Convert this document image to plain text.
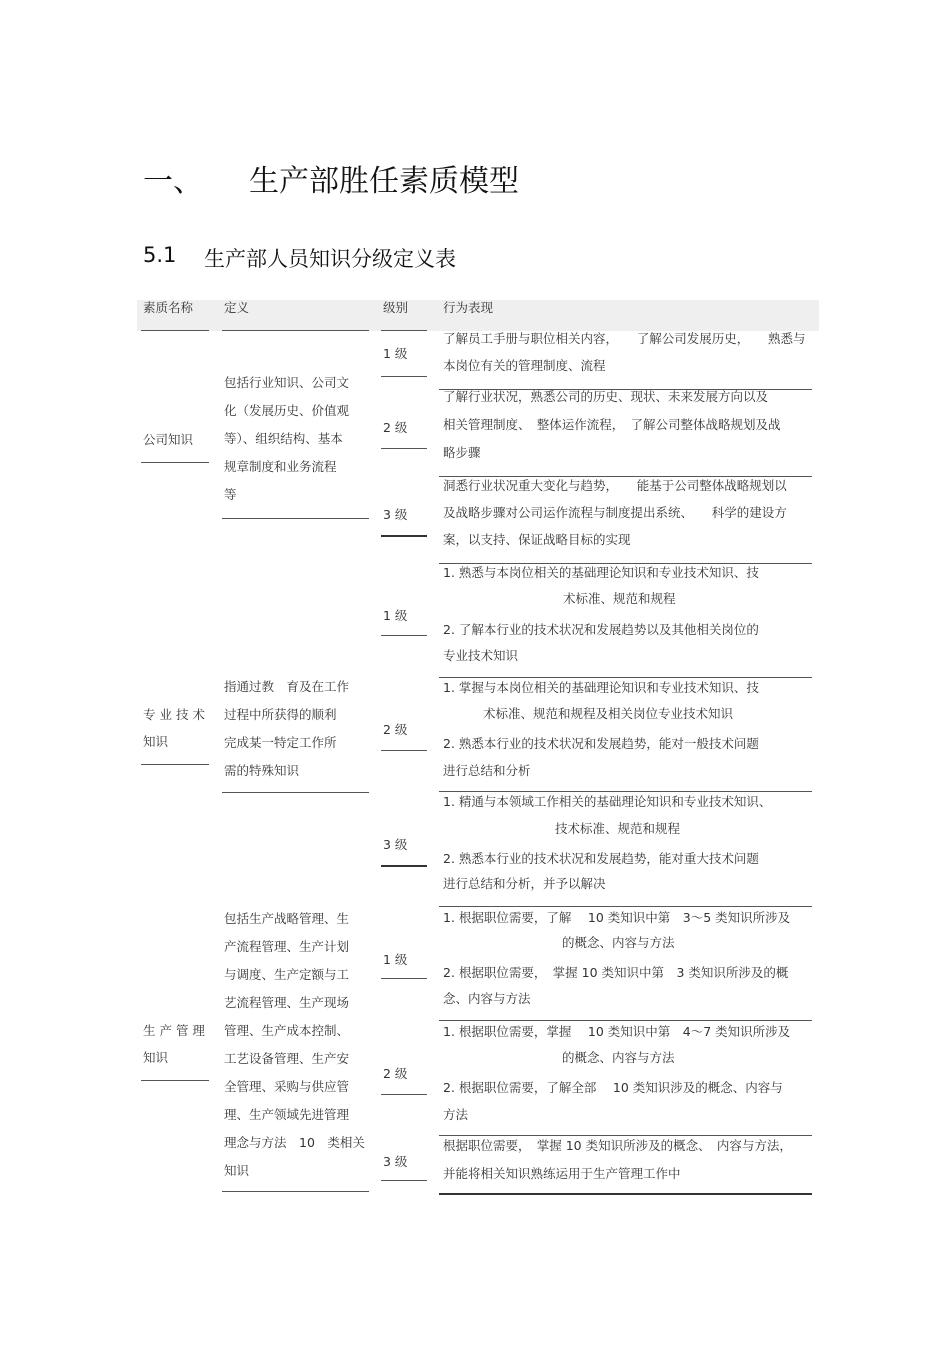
一、 生产部胜任素质模型
5.1 生产部人员知识分级定义表
素质名称 定义	级别	行为表现
公司知识
包括行业知识、公司文
化（发展历史、价值观
等）、组织结构、基本
规章制度和业务流程
等
1 级
了解员工手册与职位相关内容，　　了解公司发展历史，　　熟悉与
本岗位有关的管理制度、流程
2 级
了解行业状况，熟悉公司的历史、现状、未来发展方向以及
相关管理制度、　整体运作流程，　了解公司整体战略规划及战
略步骤
3 级
洞悉行业状况重大变化与趋势，　　能基于公司整体战略规划以
及战略步骤对公司运作流程与制度提出系统、　　科学的建设方
案，以支持、保证战略目标的实现
专 业 技 术
知识
指通过教　育及在工作
过程中所获得的顺利
完成某一特定工作所
需的特殊知识
1 级
1. 熟悉与本岗位相关的基础理论知识和专业技术知识、技
术标准、规范和规程
2. 了解本行业的技术状况和发展趋势以及其他相关岗位的
专业技术知识
2 级
1. 掌握与本岗位相关的基础理论知识和专业技术知识、技
术标准、规范和规程及相关岗位专业技术知识
2. 熟悉本行业的技术状况和发展趋势，能对一般技术问题
进行总结和分析
3 级
1. 精通与本领域工作相关的基础理论知识和专业技术知识、
技术标准、规范和规程
2. 熟悉本行业的技术状况和发展趋势，能对重大技术问题
进行总结和分析，并予以解决
生 产 管 理
知识
包括生产战略管理、生
产流程管理、生产计划
与调度、生产定额与工
艺流程管理、生产现场
管理、生产成本控制、
工艺设备管理、生产安
全管理、采购与供应管
理、生产领域先进管理
理念与方法　10　类相关
知识
1 级
1. 根据职位需要，了解　 10 类知识中第　3～5 类知识所涉及
的概念、内容与方法
2. 根据职位需要，　掌握 10 类知识中第　3 类知识所涉及的概
念、内容与方法
2 级
1. 根据职位需要，掌握　 10 类知识中第　4～7 类知识所涉及
的概念、内容与方法
2. 根据职位需要，了解全部　 10 类知识涉及的概念、内容与
方法
3 级
根据职位需要，　掌握 10 类知识所涉及的概念、　内容与方法，
并能将相关知识熟练运用于生产管理工作中
